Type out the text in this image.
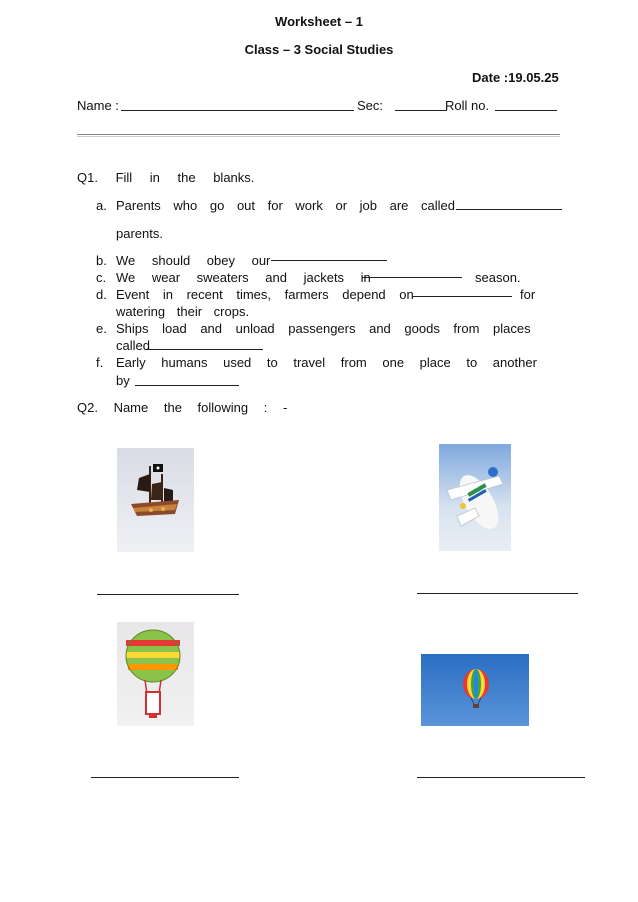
Worksheet – 1
Class – 3 Social Studies
Date :19.05.25
Name :	Sec:	Roll no.
Q1. Fill in the blanks.
a. Parents who go out for work or job are called
parents.
b. We should obey our
c. We wear sweaters and jackets in	season.
d. Event in recent times, farmers depend on	for
watering their crops.
e. Ships load and unload passengers and goods from places
called
f. Early humans used to travel from one place to another
by
Q2. Name the following : -
